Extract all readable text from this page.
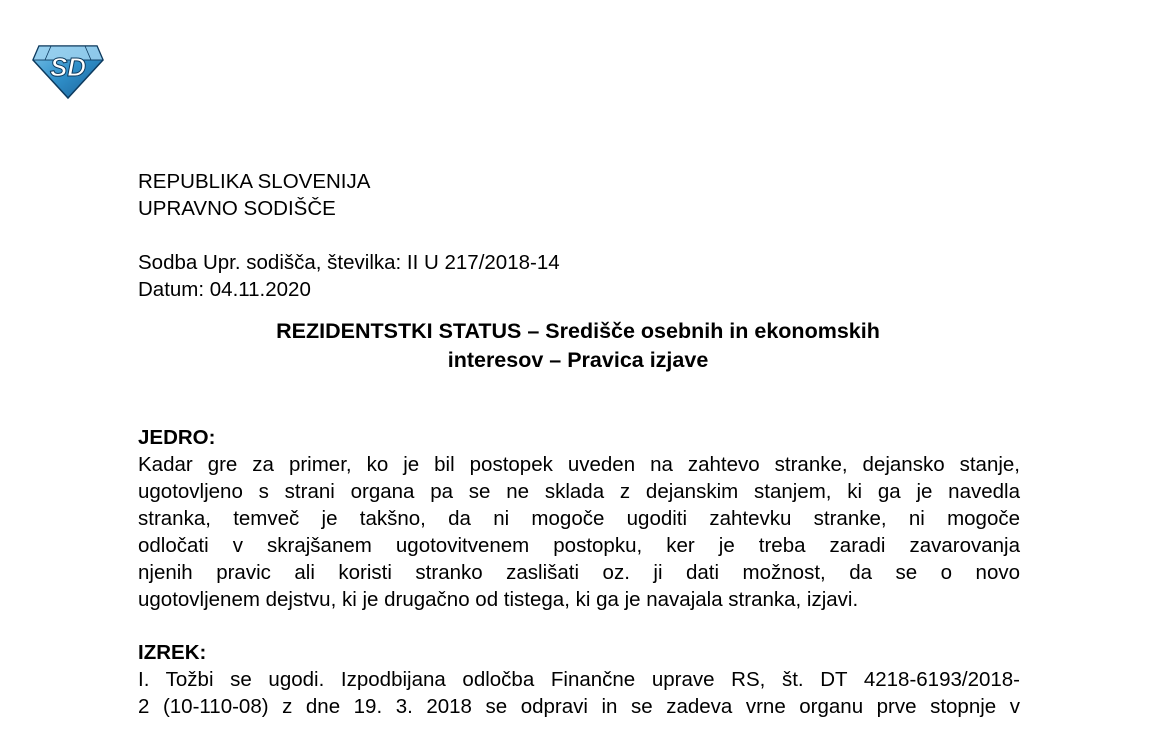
SD
REPUBLIKA SLOVENIJA
UPRAVNO SODIŠČE
Sodba Upr. sodišča, številka: II U 217/2018-14
Datum: 04.11.2020
REZIDENTSTKI STATUS – Središče osebnih in ekonomskih
interesov – Pravica izjave
JEDRO:
Kadar gre za primer, ko je bil postopek uveden na zahtevo stranke, dejansko stanje,
ugotovljeno s strani organa pa se ne sklada z dejanskim stanjem, ki ga je navedla
stranka, temveč je takšno, da ni mogoče ugoditi zahtevku stranke, ni mogoče
odločati v skrajšanem ugotovitvenem postopku, ker je treba zaradi zavarovanja
njenih pravic ali koristi stranko zaslišati oz. ji dati možnost, da se o novo
ugotovljenem dejstvu, ki je drugačno od tistega, ki ga je navajala stranka, izjavi.
IZREK:
I. Tožbi se ugodi. Izpodbijana odločba Finančne uprave RS, št. DT 4218-6193/2018-
2 (10-110-08) z dne 19. 3. 2018 se odpravi in se zadeva vrne organu prve stopnje v
